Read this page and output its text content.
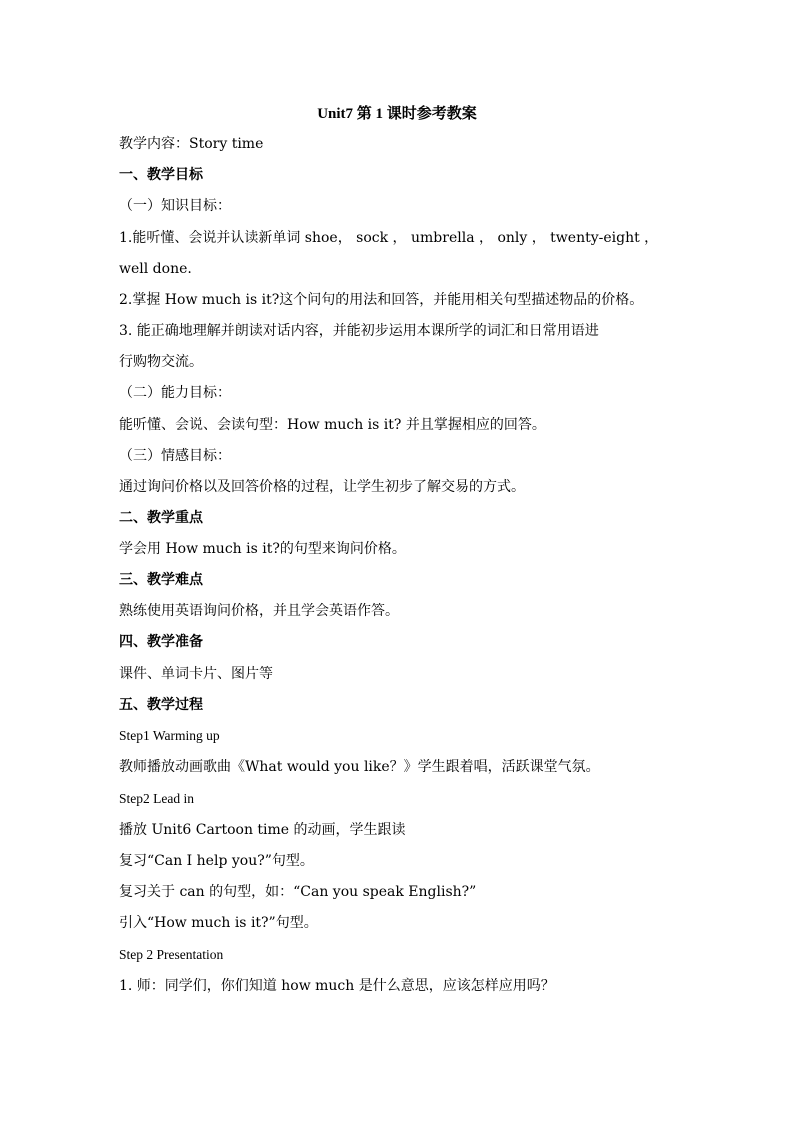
Unit7 第 1 课时参考教案
教学内容：Story time
一、教学目标
（一）知识目标：
1.能听懂、会说并认读新单词 shoe， sock ， umbrella ， only ， twenty-eight ，
well done.
2.掌握 How much is it?这个问句的用法和回答，并能用相关句型描述物品的价格。
3. 能正确地理解并朗读对话内容，并能初步运用本课所学的词汇和日常用语进
行购物交流。
（二）能力目标：
能听懂、会说、会读句型：How much is it? 并且掌握相应的回答。
（三）情感目标：
通过询问价格以及回答价格的过程，让学生初步了解交易的方式。
二、教学重点
学会用 How much is it?的句型来询问价格。
三、教学难点
熟练使用英语询问价格，并且学会英语作答。
四、教学准备
课件、单词卡片、图片等
五、教学过程
Step1 Warming up
教师播放动画歌曲《What would you like？》学生跟着唱，活跃课堂气氛。
Step2 Lead in
播放 Unit6 Cartoon time 的动画，学生跟读
复习“Can I help you?”句型。
复习关于 can 的句型，如：“Can you speak English?”
引入“How much is it?”句型。
Step 2 Presentation
1. 师：同学们，你们知道 how much 是什么意思，应该怎样应用吗？
